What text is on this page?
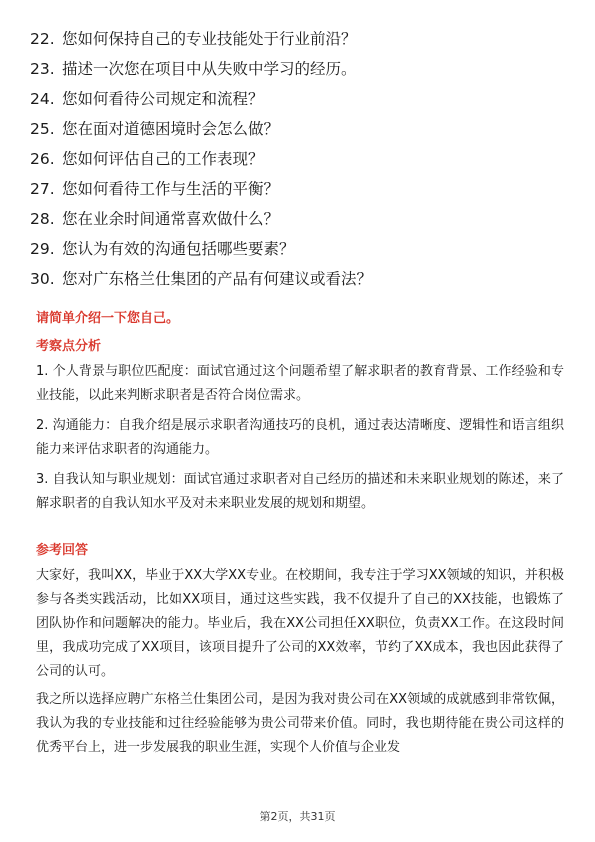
22. 您如何保持自己的专业技能处于行业前沿？
23. 描述一次您在项目中从失败中学习的经历。
24. 您如何看待公司规定和流程？
25. 您在面对道德困境时会怎么做？
26. 您如何评估自己的工作表现？
27. 您如何看待工作与生活的平衡？
28. 您在业余时间通常喜欢做什么？
29. 您认为有效的沟通包括哪些要素？
30. 您对广东格兰仕集团的产品有何建议或看法？
请简单介绍一下您自己。
考察点分析
1. 个人背景与职位匹配度：面试官通过这个问题希望了解求职者的教育背景、工作经验和专业技能，以此来判断求职者是否符合岗位需求。
2. 沟通能力：自我介绍是展示求职者沟通技巧的良机，通过表达清晰度、逻辑性和语言组织能力来评估求职者的沟通能力。
3. 自我认知与职业规划：面试官通过求职者对自己经历的描述和未来职业规划的陈述，来了解求职者的自我认知水平及对未来职业发展的规划和期望。
参考回答
大家好，我叫XX，毕业于XX大学XX专业。在校期间，我专注于学习XX领域的知识，并积极参与各类实践活动，比如XX项目，通过这些实践，我不仅提升了自己的XX技能，也锻炼了团队协作和问题解决的能力。毕业后，我在XX公司担任XX职位，负责XX工作。在这段时间里，我成功完成了XX项目，该项目提升了公司的XX效率，节约了XX成本，我也因此获得了公司的认可。
我之所以选择应聘广东格兰仕集团公司，是因为我对贵公司在XX领域的成就感到非常钦佩，我认为我的专业技能和过往经验能够为贵公司带来价值。同时，我也期待能在贵公司这样的优秀平台上，进一步发展我的职业生涯，实现个人价值与企业发
第2页，共31页
